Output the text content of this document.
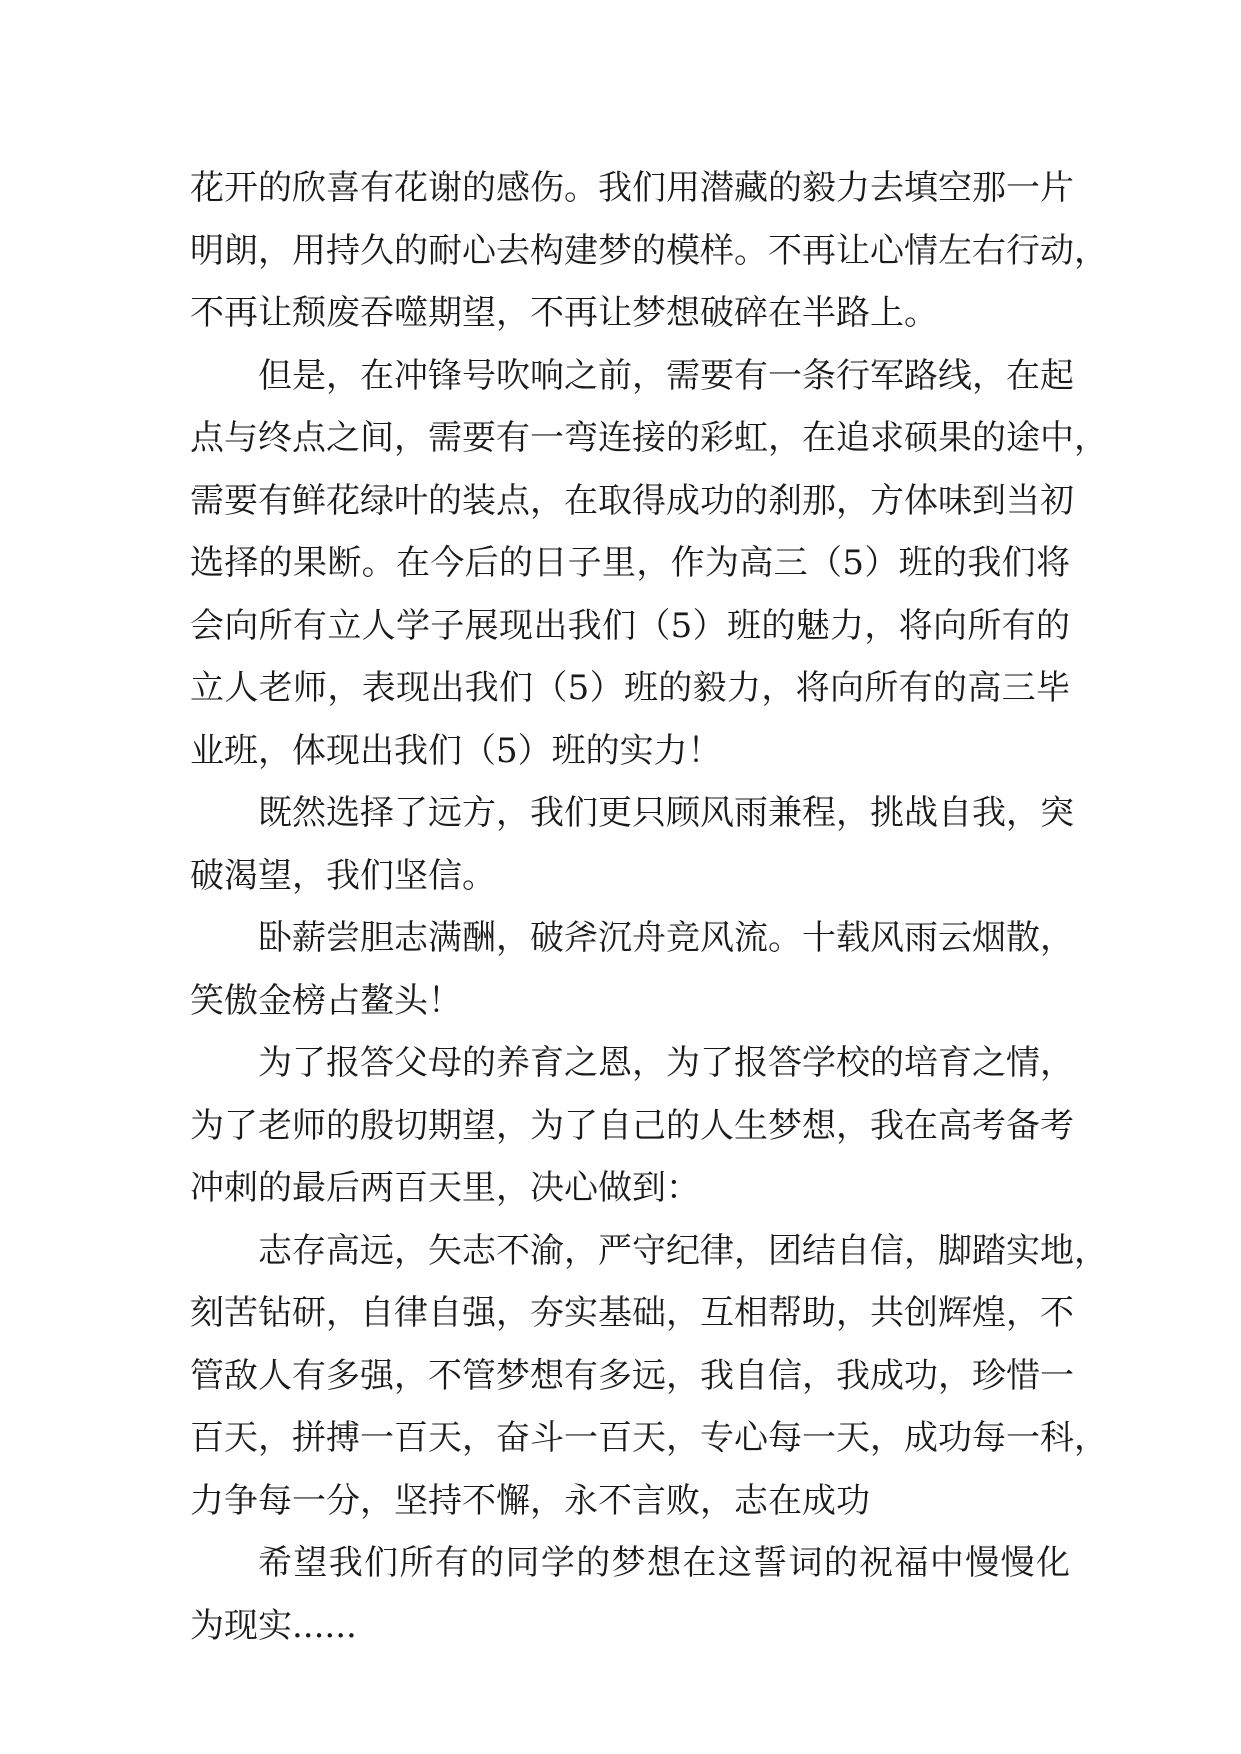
花开的欣喜有花谢的感伤。我们用潜藏的毅力去填空那一片
明朗，用持久的耐心去构建梦的模样。不再让心情左右行动，
不再让颓废吞噬期望，不再让梦想破碎在半路上。
但是，在冲锋号吹响之前，需要有一条行军路线，在起
点与终点之间，需要有一弯连接的彩虹，在追求硕果的途中，
需要有鲜花绿叶的装点，在取得成功的刹那，方体味到当初
选择的果断。在今后的日子里，作为高三（5）班的我们将
会向所有立人学子展现出我们（5）班的魅力，将向所有的
立人老师，表现出我们（5）班的毅力，将向所有的高三毕
业班，体现出我们（5）班的实力！
既然选择了远方，我们更只顾风雨兼程，挑战自我，突
破渴望，我们坚信。
卧薪尝胆志满酬，破斧沉舟竞风流。十载风雨云烟散，
笑傲金榜占鳌头！
为了报答父母的养育之恩，为了报答学校的培育之情，
为了老师的殷切期望，为了自己的人生梦想，我在高考备考
冲刺的最后两百天里，决心做到：
志存高远，矢志不渝，严守纪律，团结自信，脚踏实地，
刻苦钻研，自律自强，夯实基础，互相帮助，共创辉煌，不
管敌人有多强，不管梦想有多远，我自信，我成功，珍惜一
百天，拼搏一百天，奋斗一百天，专心每一天，成功每一科，
力争每一分，坚持不懈，永不言败，志在成功
希望我们所有的同学的梦想在这誓词的祝福中慢慢化
为现实......
